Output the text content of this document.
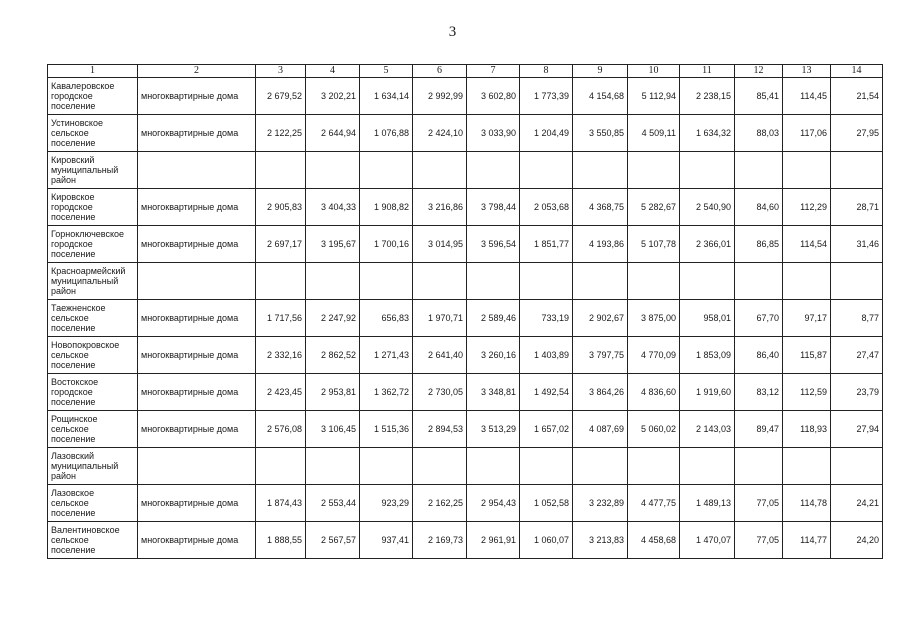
3
1	2	3	4	5	6	7	8	9	10	11	12	13	14
Кавалеровское городское поселение	многоквартирные дома	2 679,52	3 202,21	1 634,14	2 992,99	3 602,80	1 773,39	4 154,68	5 112,94	2 238,15	85,41	114,45	21,54
Устиновское сельское поселение	многоквартирные дома	2 122,25	2 644,94	1 076,88	2 424,10	3 033,90	1 204,49	3 550,85	4 509,11	1 634,32	88,03	117,06	27,95
Кировский муниципальный район													
Кировское городское поселение	многоквартирные дома	2 905,83	3 404,33	1 908,82	3 216,86	3 798,44	2 053,68	4 368,75	5 282,67	2 540,90	84,60	112,29	28,71
Горноключевское городское поселение	многоквартирные дома	2 697,17	3 195,67	1 700,16	3 014,95	3 596,54	1 851,77	4 193,86	5 107,78	2 366,01	86,85	114,54	31,46
Красноармейский муниципальный район													
Таежненское сельское поселение	многоквартирные дома	1 717,56	2 247,92	656,83	1 970,71	2 589,46	733,19	2 902,67	3 875,00	958,01	67,70	97,17	8,77
Новопокровское сельское поселение	многоквартирные дома	2 332,16	2 862,52	1 271,43	2 641,40	3 260,16	1 403,89	3 797,75	4 770,09	1 853,09	86,40	115,87	27,47
Востокское городское поселение	многоквартирные дома	2 423,45	2 953,81	1 362,72	2 730,05	3 348,81	1 492,54	3 864,26	4 836,60	1 919,60	83,12	112,59	23,79
Рощинское сельское поселение	многоквартирные дома	2 576,08	3 106,45	1 515,36	2 894,53	3 513,29	1 657,02	4 087,69	5 060,02	2 143,03	89,47	118,93	27,94
Лазовский муниципальный район													
Лазовское сельское поселение	многоквартирные дома	1 874,43	2 553,44	923,29	2 162,25	2 954,43	1 052,58	3 232,89	4 477,75	1 489,13	77,05	114,78	24,21
Валентиновское сельское поселение	многоквартирные дома	1 888,55	2 567,57	937,41	2 169,73	2 961,91	1 060,07	3 213,83	4 458,68	1 470,07	77,05	114,77	24,20
